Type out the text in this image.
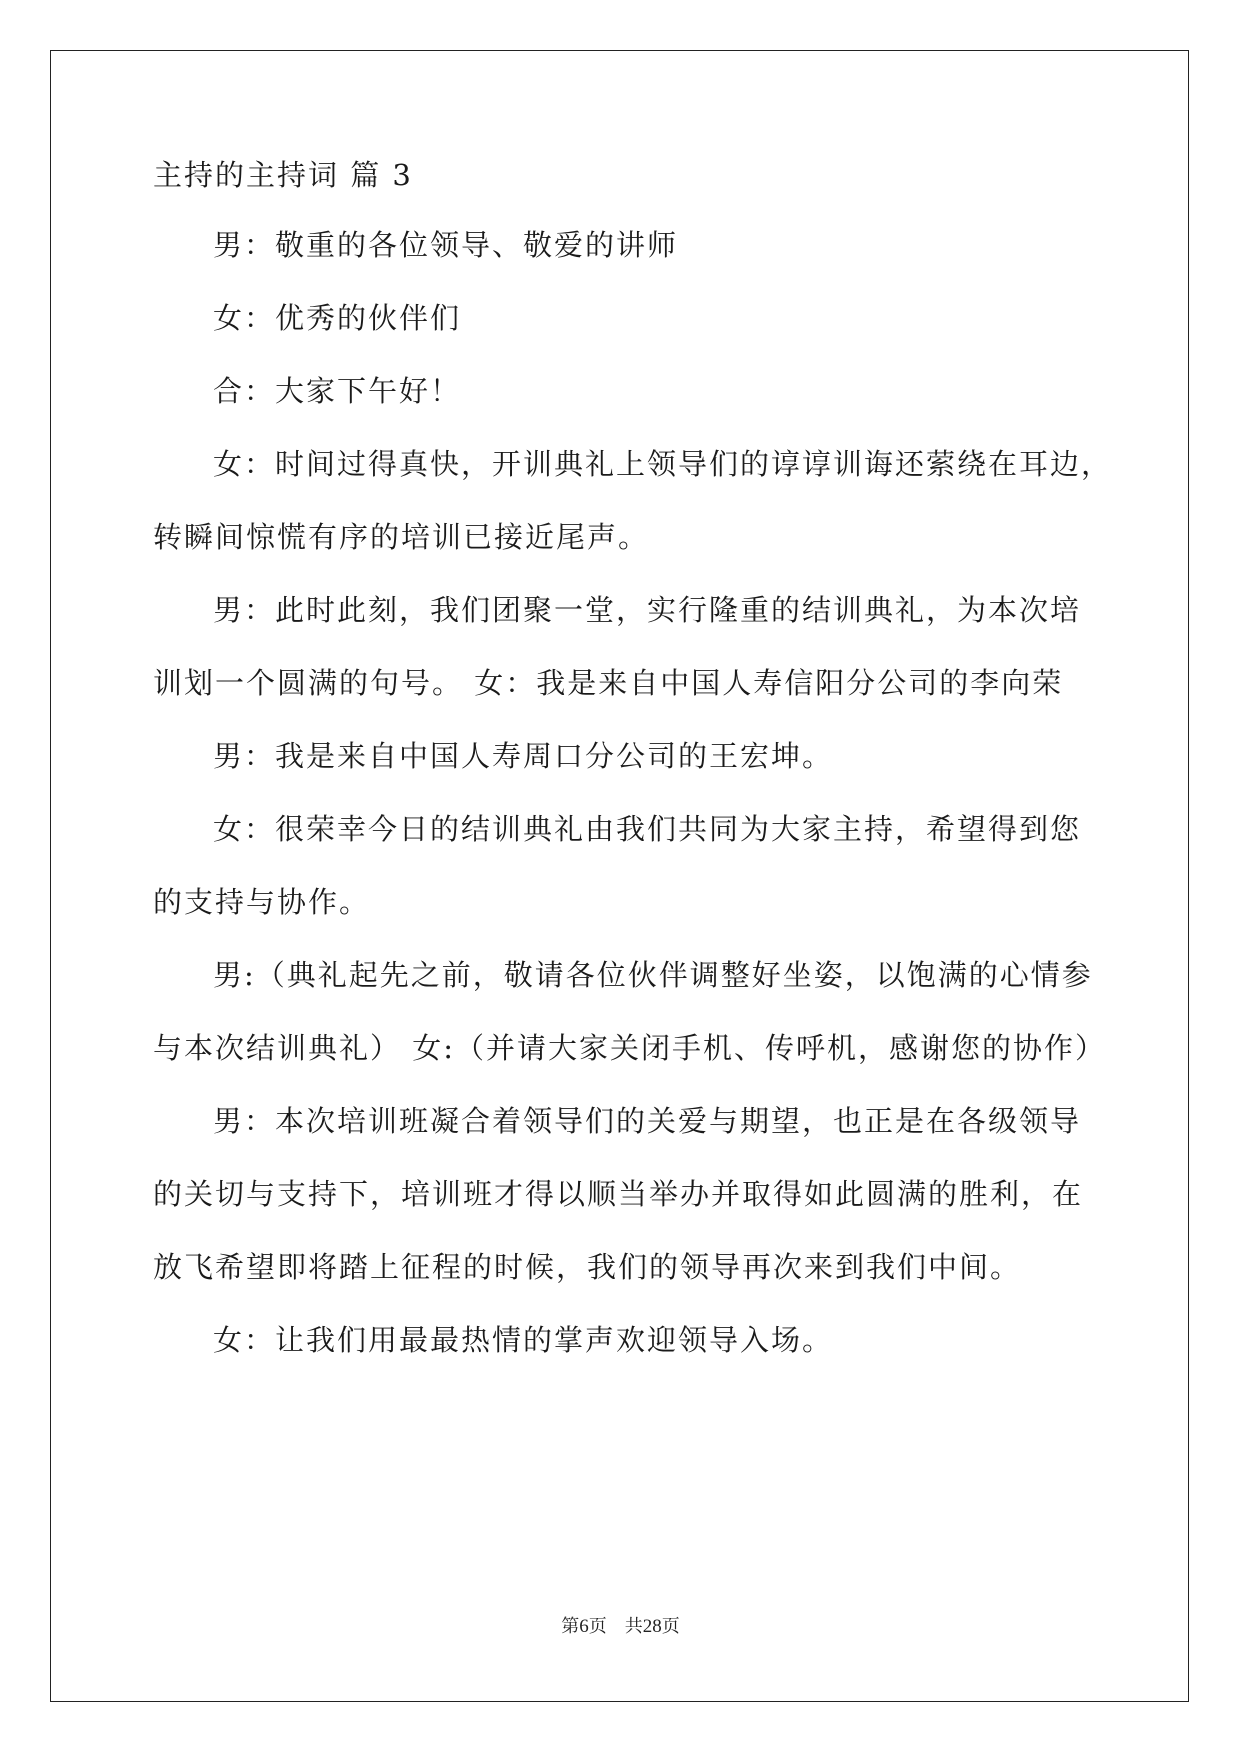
主持的主持词 篇 3
男：敬重的各位领导、敬爱的讲师
女：优秀的伙伴们
合：大家下午好！
女：时间过得真快，开训典礼上领导们的谆谆训诲还萦绕在耳边，
转瞬间惊慌有序的培训已接近尾声。
男：此时此刻，我们团聚一堂，实行隆重的结训典礼，为本次培
训划一个圆满的句号。 女：我是来自中国人寿信阳分公司的李向荣
男：我是来自中国人寿周口分公司的王宏坤。
女：很荣幸今日的结训典礼由我们共同为大家主持，希望得到您
的支持与协作。
男:（典礼起先之前，敬请各位伙伴调整好坐姿，以饱满的心情参
与本次结训典礼） 女:（并请大家关闭手机、传呼机，感谢您的协作）
男：本次培训班凝合着领导们的关爱与期望，也正是在各级领导
的关切与支持下，培训班才得以顺当举办并取得如此圆满的胜利，在
放飞希望即将踏上征程的时候，我们的领导再次来到我们中间。
女：让我们用最最热情的掌声欢迎领导入场。
第6页　共28页
